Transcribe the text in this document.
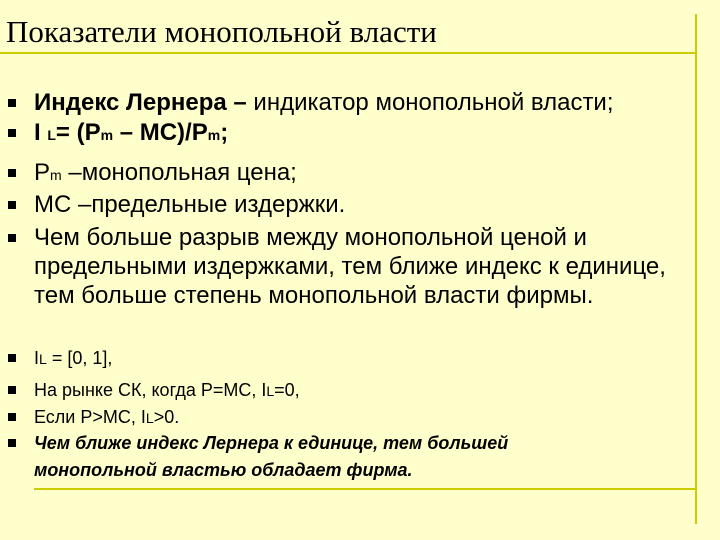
Показатели монопольной власти
Индекс Лернера – индикатор монопольной власти;
I L= (Pm – MC)/Pm;
Pm –монопольная цена;
MC –предельные издержки.
Чем больше разрыв между монопольной ценой и предельными издержками, тем ближе индекс к единице, тем больше степень монопольной власти фирмы.
IL = [0, 1],
На рынке СК, когда Р=МС, IL=0,
Если P>MC, IL>0.
Чем ближе индекс Лернера к единице, тем большей монопольной властью обладает фирма.
